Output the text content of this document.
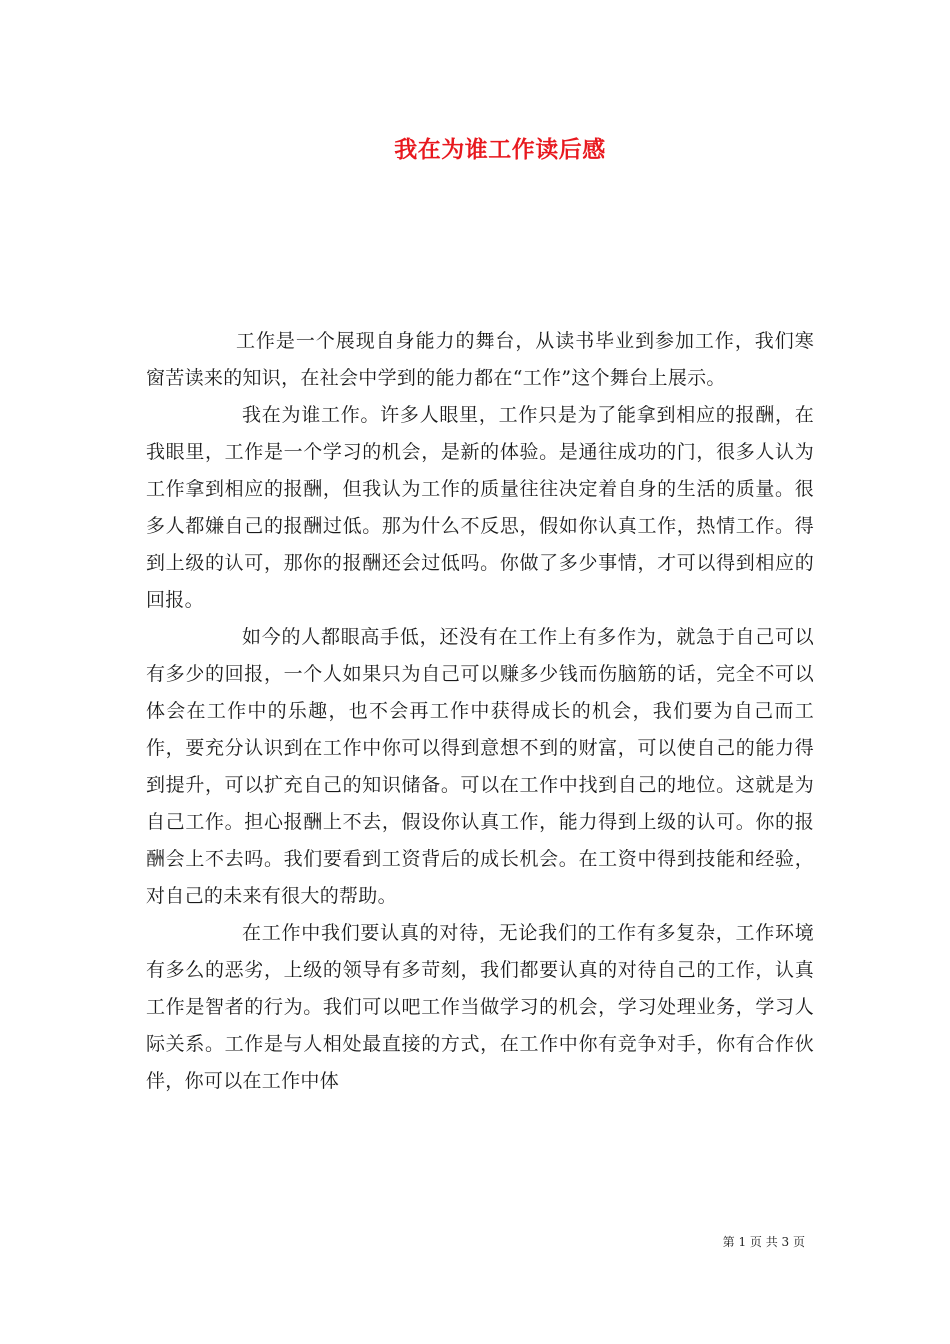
我在为谁工作读后感

工作是一个展现自身能力的舞台，从读书毕业到参加工作，我们寒窗苦读来的知识，在社会中学到的能力都在“工作”这个舞台上展示。

我在为谁工作。许多人眼里，工作只是为了能拿到相应的报酬，在我眼里，工作是一个学习的机会，是新的体验。是通往成功的门，很多人认为工作拿到相应的报酬，但我认为工作的质量往往决定着自身的生活的质量。很多人都嫌自己的报酬过低。那为什么不反思，假如你认真工作，热情工作。得到上级的认可，那你的报酬还会过低吗。你做了多少事情，才可以得到相应的回报。

如今的人都眼高手低，还没有在工作上有多作为，就急于自己可以有多少的回报，一个人如果只为自己可以赚多少钱而伤脑筋的话，完全不可以体会在工作中的乐趣，也不会再工作中获得成长的机会，我们要为自己而工作，要充分认识到在工作中你可以得到意想不到的财富，可以使自己的能力得到提升，可以扩充自己的知识储备。可以在工作中找到自己的地位。这就是为自己工作。担心报酬上不去，假设你认真工作，能力得到上级的认可。你的报酬会上不去吗。我们要看到工资背后的成长机会。在工资中得到技能和经验，对自己的未来有很大的帮助。

在工作中我们要认真的对待，无论我们的工作有多复杂，工作环境有多么的恶劣，上级的领导有多苛刻，我们都要认真的对待自己的工作，认真工作是智者的行为。我们可以吧工作当做学习的机会，学习处理业务，学习人际关系。工作是与人相处最直接的方式，在工作中你有竞争对手，你有合作伙伴，你可以在工作中体

第 1 页 共 3 页
